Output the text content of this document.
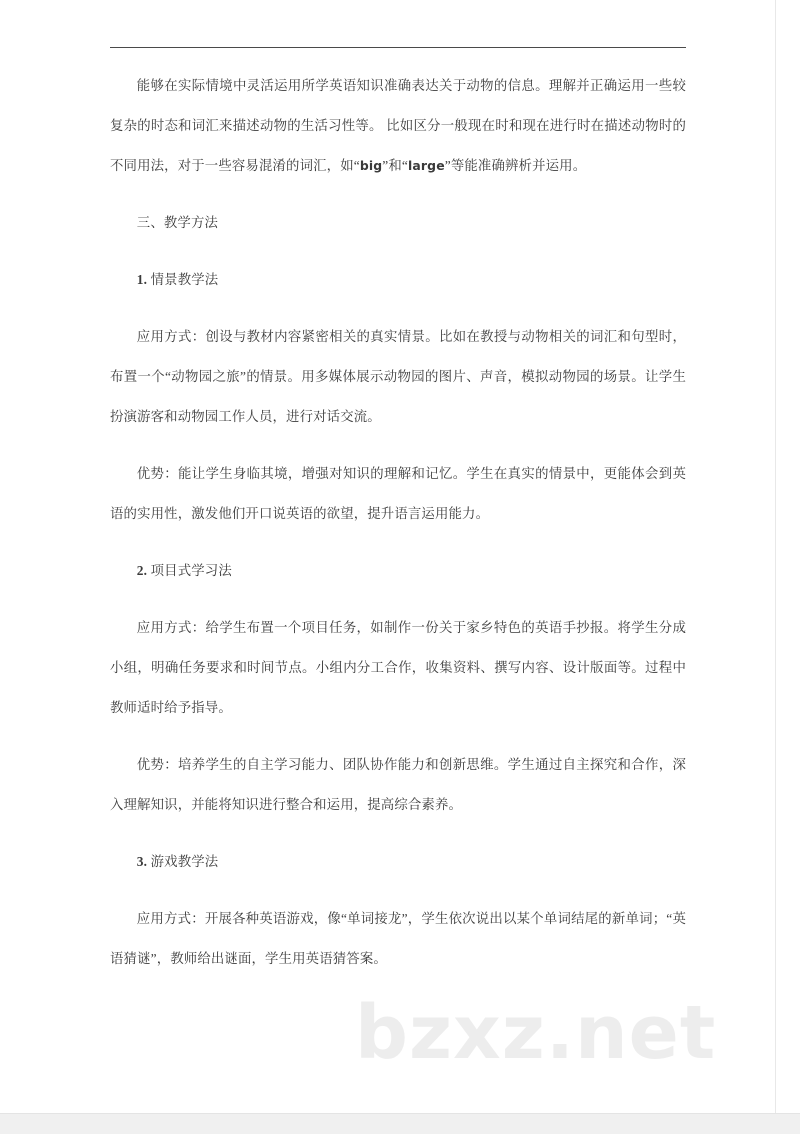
bzxz.net

能够在实际情境中灵活运用所学英语知识准确表达关于动物的信息。理解并正确运用一些较复杂的时态和词汇来描述动物的生活习性等。 比如区分一般现在时和现在进行时在描述动物时的不同用法，对于一些容易混淆的词汇，如“big”和“large”等能准确辨析并运用。

三、教学方法

1. 情景教学法

应用方式：创设与教材内容紧密相关的真实情景。比如在教授与动物相关的词汇和句型时，布置一个“动物园之旅”的情景。用多媒体展示动物园的图片、声音，模拟动物园的场景。让学生扮演游客和动物园工作人员，进行对话交流。

优势：能让学生身临其境，增强对知识的理解和记忆。学生在真实的情景中，更能体会到英语的实用性，激发他们开口说英语的欲望，提升语言运用能力。

2. 项目式学习法

应用方式：给学生布置一个项目任务，如制作一份关于家乡特色的英语手抄报。将学生分成小组，明确任务要求和时间节点。小组内分工合作，收集资料、撰写内容、设计版面等。过程中教师适时给予指导。

优势：培养学生的自主学习能力、团队协作能力和创新思维。学生通过自主探究和合作，深入理解知识，并能将知识进行整合和运用，提高综合素养。

3. 游戏教学法

应用方式：开展各种英语游戏，像“单词接龙”，学生依次说出以某个单词结尾的新单词；“英语猜谜”，教师给出谜面，学生用英语猜答案。
